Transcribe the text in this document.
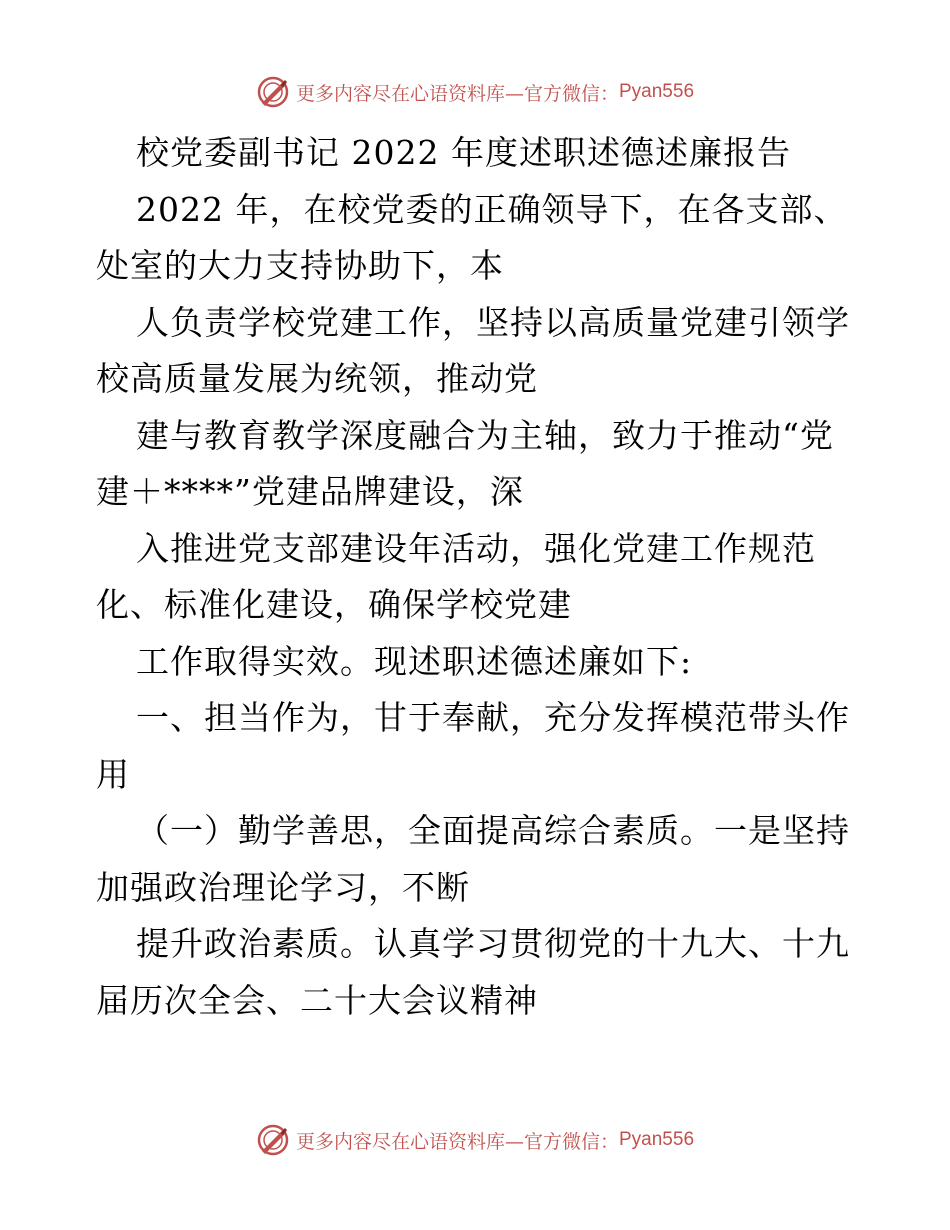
更多内容尽在心语资料库—官方微信： Pyan556
校党委副书记 2022 年度述职述德述廉报告
2022 年，在校党委的正确领导下，在各支部、
处室的大力支持协助下，本
人负责学校党建工作，坚持以高质量党建引领学
校高质量发展为统领，推动党
建与教育教学深度融合为主轴，致力于推动“党
建＋****”党建品牌建设，深
入推进党支部建设年活动，强化党建工作规范
化、标准化建设，确保学校党建
工作取得实效。现述职述德述廉如下:
一、担当作为，甘于奉献，充分发挥模范带头作
用
（一）勤学善思，全面提高综合素质。一是坚持
加强政治理论学习，不断
提升政治素质。认真学习贯彻党的十九大、十九
届历次全会、二十大会议精神
更多内容尽在心语资料库—官方微信： Pyan556
